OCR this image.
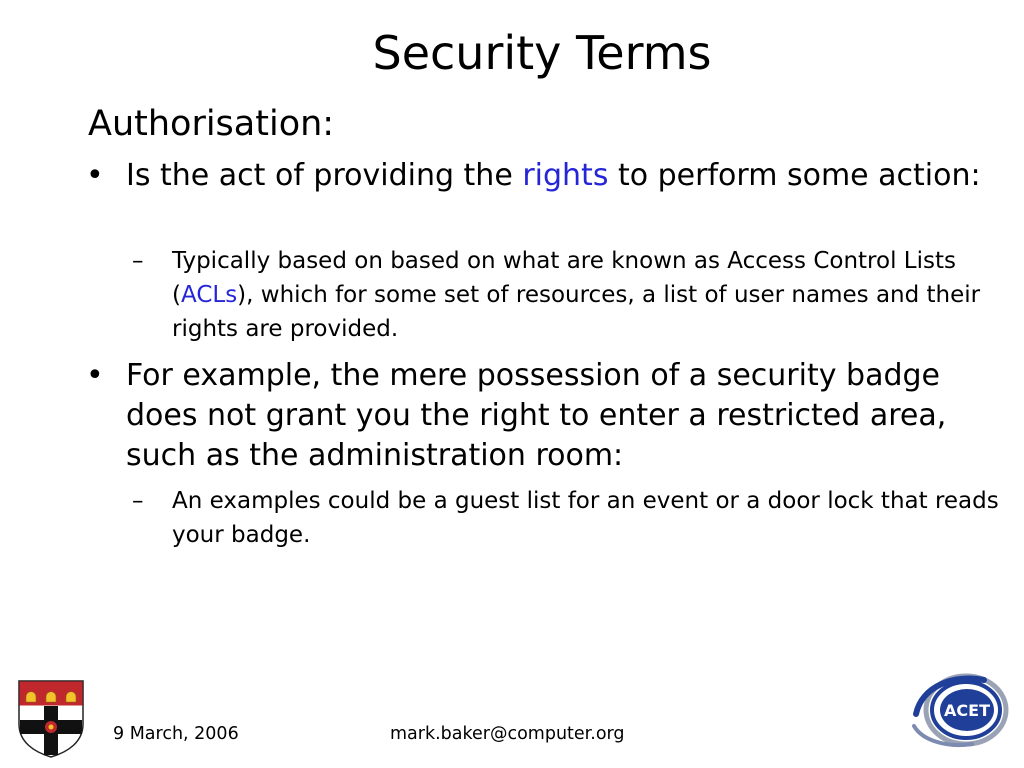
Security Terms
Authorisation:
• Is the act of providing the rights to perform some action:
– Typically based on based on what are known as Access Control Lists (ACLs), which for some set of resources, a list of user names and their rights are provided.
• For example, the mere possession of a security badge does not grant you the right to enter a restricted area, such as the administration room:
– An examples could be a guest list for an event or a door lock that reads your badge.
9 March, 2006	mark.baker@computer.org
ACET
